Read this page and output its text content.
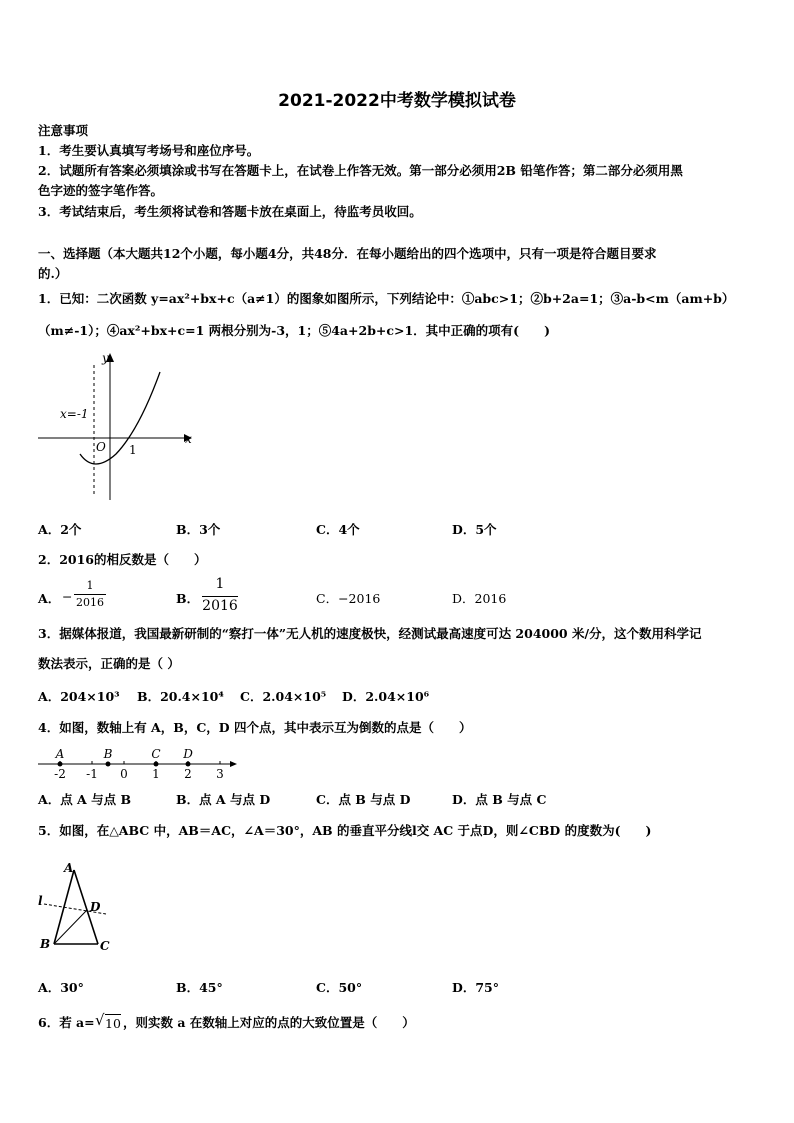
2021-2022中考数学模拟试卷
注意事项
1．考生要认真填写考场号和座位序号。
2．试题所有答案必须填涂或书写在答题卡上，在试卷上作答无效。第一部分必须用2B 铅笔作答；第二部分必须用黑
色字迹的签字笔作答。
3．考试结束后，考生须将试卷和答题卡放在桌面上，待监考员收回。
一、选择题（本大题共12个小题，每小题4分，共48分．在每小题给出的四个选项中，只有一项是符合题目要求
的.）
1．已知：二次函数 y=ax²+bx+c（a≠1）的图象如图所示，下列结论中：①abc>1；②b+2a=1；③a-b<m（am+b）
（m≠-1）；④ax²+bx+c=1 两根分别为-3，1；⑤4a+2b+c>1．其中正确的项有(　　)
y
x
x=-1
O 1
A．2个	B．3个	C．4个	D．5个
2．2016的相反数是（　　）
A． −
1
2016	B．
1
2016	C．−2016	D．2016
3．据媒体报道，我国最新研制的“察打一体”无人机的速度极快，经测试最高速度可达 204000 米/分，这个数用科学记
数法表示，正确的是（ ）
A．204×10³ B．20.4×10⁴ C．2.04×10⁵ D．2.04×10⁶
4．如图，数轴上有 A，B，C，D 四个点，其中表示互为倒数的点是（　　）
-2 -1 0 1 2 3
A	B	C D
A．点 A 与点 B	B．点 A 与点 D	C．点 B 与点 D	D．点 B 与点 C
5．如图，在△ABC 中，AB＝AC，∠A＝30°，AB 的垂直平分线l交 AC 于点D，则∠CBD 的度数为(　　)
A
B	C
D
l
A．30°	B．45°	C．50°	D．75°
6．若 a= √ 10 ，则实数 a 在数轴上对应的点的大致位置是（　　）
